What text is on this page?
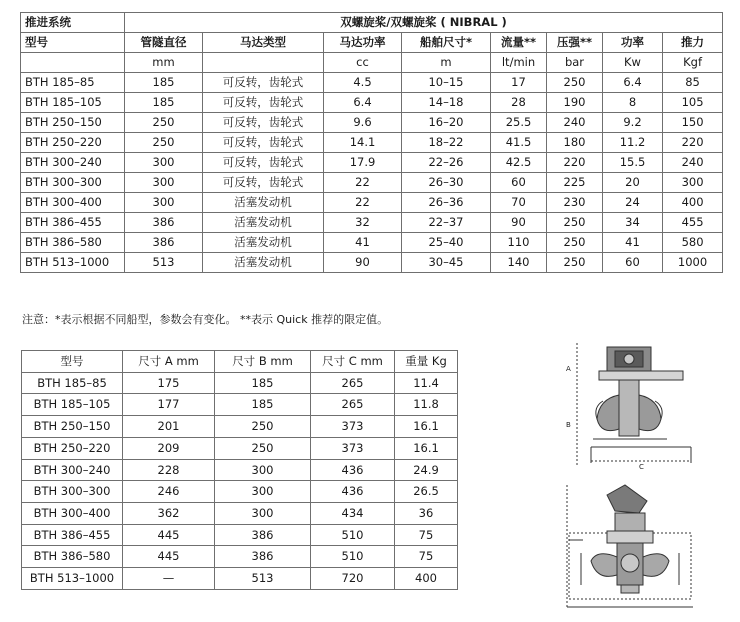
推进系统	双螺旋桨/双螺旋桨 ( NIBRAL )							
型号	管隧直径	马达类型	马达功率	船舶尺寸*	流量**	压强**	功率	推力
	mm		cc	m	lt/min	bar	Kw	Kgf
BTH 185–85	185	可反转，齿轮式	4.5	10–15	17	250	6.4	85
BTH 185–105	185	可反转，齿轮式	6.4	14–18	28	190	8	105
BTH 250–150	250	可反转，齿轮式	9.6	16–20	25.5	240	9.2	150
BTH 250–220	250	可反转，齿轮式	14.1	18–22	41.5	180	11.2	220
BTH 300–240	300	可反转，齿轮式	17.9	22–26	42.5	220	15.5	240
BTH 300–300	300	可反转，齿轮式	22	26–30	60	225	20	300
BTH 300–400	300	活塞发动机	22	26–36	70	230	24	400
BTH 386–455	386	活塞发动机	32	22–37	90	250	34	455
BTH 386–580	386	活塞发动机	41	25–40	110	250	41	580
BTH 513–1000	513	活塞发动机	90	30–45	140	250	60	1000
注意：*表示根据不同船型，参数会有变化。 **表示 Quick 推荐的限定值。
型号	尺寸 A mm	尺寸 B mm	尺寸 C mm	重量 Kg
BTH 185–85	175	185	265	11.4
BTH 185–105	177	185	265	11.8
BTH 250–150	201	250	373	16.1
BTH 250–220	209	250	373	16.1
BTH 300–240	228	300	436	24.9
BTH 300–300	246	300	436	26.5
BTH 300–400	362	300	434	36
BTH 386–455	445	386	510	75
BTH 386–580	445	386	510	75
BTH 513–1000	—	513	720	400
A
B
C
